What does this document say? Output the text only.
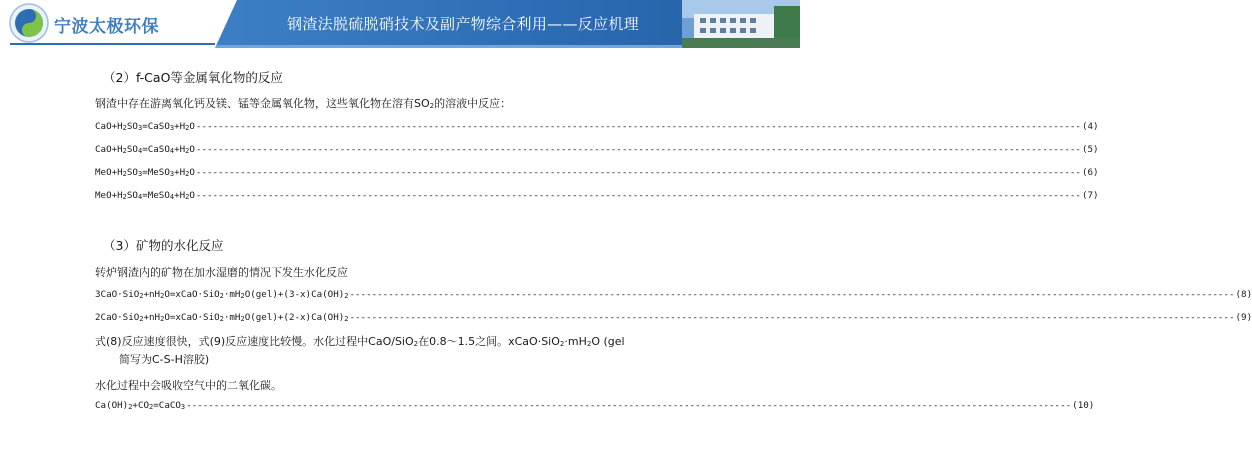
宁波太极环保	钢渣法脱硫脱硝技术及副产物综合利用——反应机理
（2）f-CaO等金属氧化物的反应
钢渣中存在游离氧化钙及镁、锰等金属氧化物，这些氧化物在溶有$SO_2$的溶液中反应：
$CaO+H_2SO_3=CaSO_3+H_2O$ ---------------------------------------------------------------------------------------------------------------------------------------------------------------- (4)
$CaO+H_2SO_4=CaSO_4+H_2O$ ---------------------------------------------------------------------------------------------------------------------------------------------------------------- (5)
$MeO+H_2SO_3=MeSO_3+H_2O$ ---------------------------------------------------------------------------------------------------------------------------------------------------------------- (6)
$MeO+H_2SO_4=MeSO_4+H_2O$ ---------------------------------------------------------------------------------------------------------------------------------------------------------------- (7)
（3）矿物的水化反应
转炉钢渣内的矿物在加水湿磨的情况下发生水化反应
$3CaO\cdot SiO_2+nH_2O=xCaO\cdot SiO_2\cdot mH_2O(gel)+(3-x)Ca(OH)_2$ ---------------------------------------------------------------------------------------------------------------------------------------------------------------- (8)
$2CaO\cdot SiO_2+nH_2O=xCaO\cdot SiO_2\cdot mH_2O(gel)+(2-x)Ca(OH)_2$ ---------------------------------------------------------------------------------------------------------------------------------------------------------------- (9)
式(8)反应速度很快，式(9)反应速度比较慢。水化过程中CaO/SiO$_2$在0.8～1.5之间。$xCaO\cdot SiO_2\cdot mH_2O$ (gel
简写为C-S-H溶胶)
水化过程中会吸收空气中的二氧化碳。
$Ca(OH)_2+CO_2=CaCO_3$ ---------------------------------------------------------------------------------------------------------------------------------------------------------------- (10)
